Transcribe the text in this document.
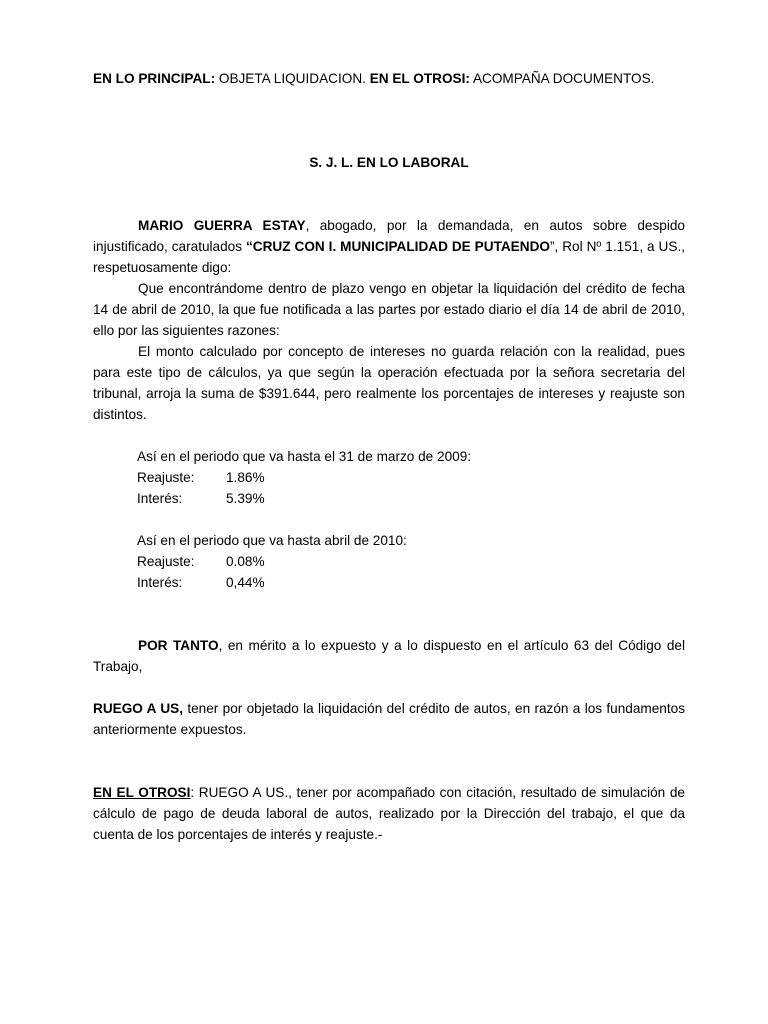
EN LO PRINCIPAL: OBJETA LIQUIDACION. EN EL OTROSI: ACOMPAÑA DOCUMENTOS.
S. J. L. EN LO LABORAL
MARIO GUERRA ESTAY, abogado, por la demandada, en autos sobre despido injustificado, caratulados “CRUZ CON I. MUNICIPALIDAD DE PUTAENDO”, Rol Nº 1.151, a US., respetuosamente digo:
Que encontrándome dentro de plazo vengo en objetar la liquidación del crédito de fecha 14 de abril de 2010, la que fue notificada a las partes por estado diario el día 14 de abril de 2010, ello por las siguientes razones:
El monto calculado por concepto de intereses no guarda relación con la realidad, pues para este tipo de cálculos, ya que según la operación efectuada por la señora secretaria del tribunal, arroja la suma de $391.644, pero realmente los porcentajes de intereses y reajuste son distintos.
Así en el periodo que va hasta el 31 de marzo de 2009:
Reajuste: 1.86%
Interés:	5.39%
Así en el periodo que va hasta abril de 2010:
Reajuste: 0.08%
Interés:	0,44%
POR TANTO, en mérito a lo expuesto y a lo dispuesto en el artículo 63 del Código del Trabajo,
RUEGO A US, tener por objetado la liquidación del crédito de autos, en razón a los fundamentos anteriormente expuestos.
EN EL OTROSI: RUEGO A US., tener por acompañado con citación, resultado de simulación de cálculo de pago de deuda laboral de autos, realizado por la Dirección del trabajo, el que da cuenta de los porcentajes de interés y reajuste.-
